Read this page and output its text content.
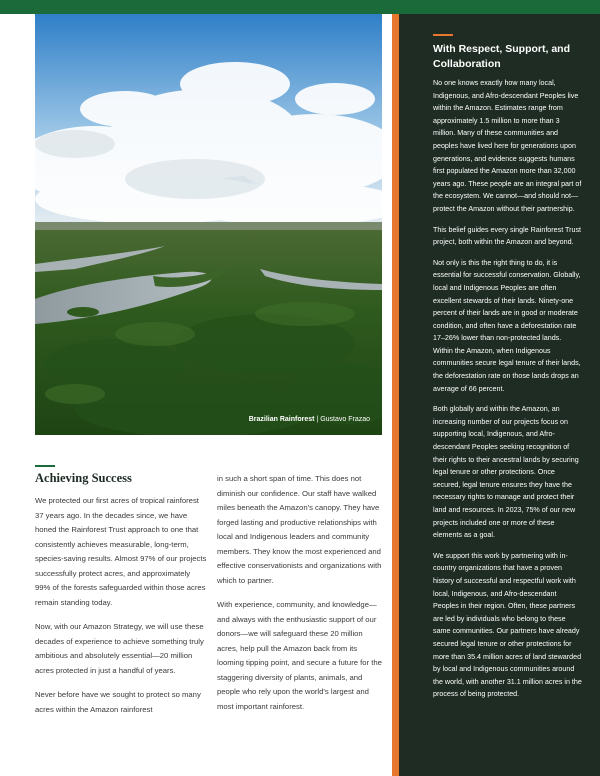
Brazilian Rainforest | Gustavo Frazao
With Respect, Support, and Collaboration

No one knows exactly how many local, Indigenous, and Afro-descendant Peoples live within the Amazon. Estimates range from approximately 1.5 million to more than 3 million. Many of these communities and peoples have lived here for generations upon generations, and evidence suggests humans first populated the Amazon more than 32,000 years ago. These people are an integral part of the ecosystem. We cannot—and should not—protect the Amazon without their partnership.

This belief guides every single Rainforest Trust project, both within the Amazon and beyond.

Not only is this the right thing to do, it is essential for successful conservation. Globally, local and Indigenous Peoples are often excellent stewards of their lands. Ninety-one percent of their lands are in good or moderate condition, and often have a deforestation rate 17–26% lower than non-protected lands. Within the Amazon, when Indigenous communities secure legal tenure of their lands, the deforestation rate on those lands drops an average of 66 percent.

Both globally and within the Amazon, an increasing number of our projects focus on supporting local, Indigenous, and Afro-descendant Peoples seeking recognition of their rights to their ancestral lands by securing legal tenure or other protections. Once secured, legal tenure ensures they have the necessary rights to manage and protect their land and resources. In 2023, 75% of our new projects included one or more of these elements as a goal.

We support this work by partnering with in-country organizations that have a proven history of successful and respectful work with local, Indigenous, and Afro-descendant Peoples in their region. Often, these partners are led by individuals who belong to these same communities. Our partners have already secured legal tenure or other protections for more than 35.4 million acres of land stewarded by local and Indigenous communities around the world, with another 31.1 million acres in the process of being protected.

Achieving Success

We protected our first acres of tropical rainforest 37 years ago. In the decades since, we have honed the Rainforest Trust approach to one that consistently achieves measurable, long-term, species-saving results. Almost 97% of our projects successfully protect acres, and approximately 99% of the forests safeguarded within those acres remain standing today.

Now, with our Amazon Strategy, we will use these decades of experience to achieve something truly ambitious and absolutely essential—20 million acres protected in just a handful of years.

Never before have we sought to protect so many acres within the Amazon rainforest

in such a short span of time. This does not diminish our confidence. Our staff have walked miles beneath the Amazon's canopy. They have forged lasting and productive relationships with local and Indigenous leaders and community members. They know the most experienced and effective conservationists and organizations with which to partner.

With experience, community, and knowledge—and always with the enthusiastic support of our donors—we will safeguard these 20 million acres, help pull the Amazon back from its looming tipping point, and secure a future for the staggering diversity of plants, animals, and people who rely upon the world's largest and most important rainforest.
